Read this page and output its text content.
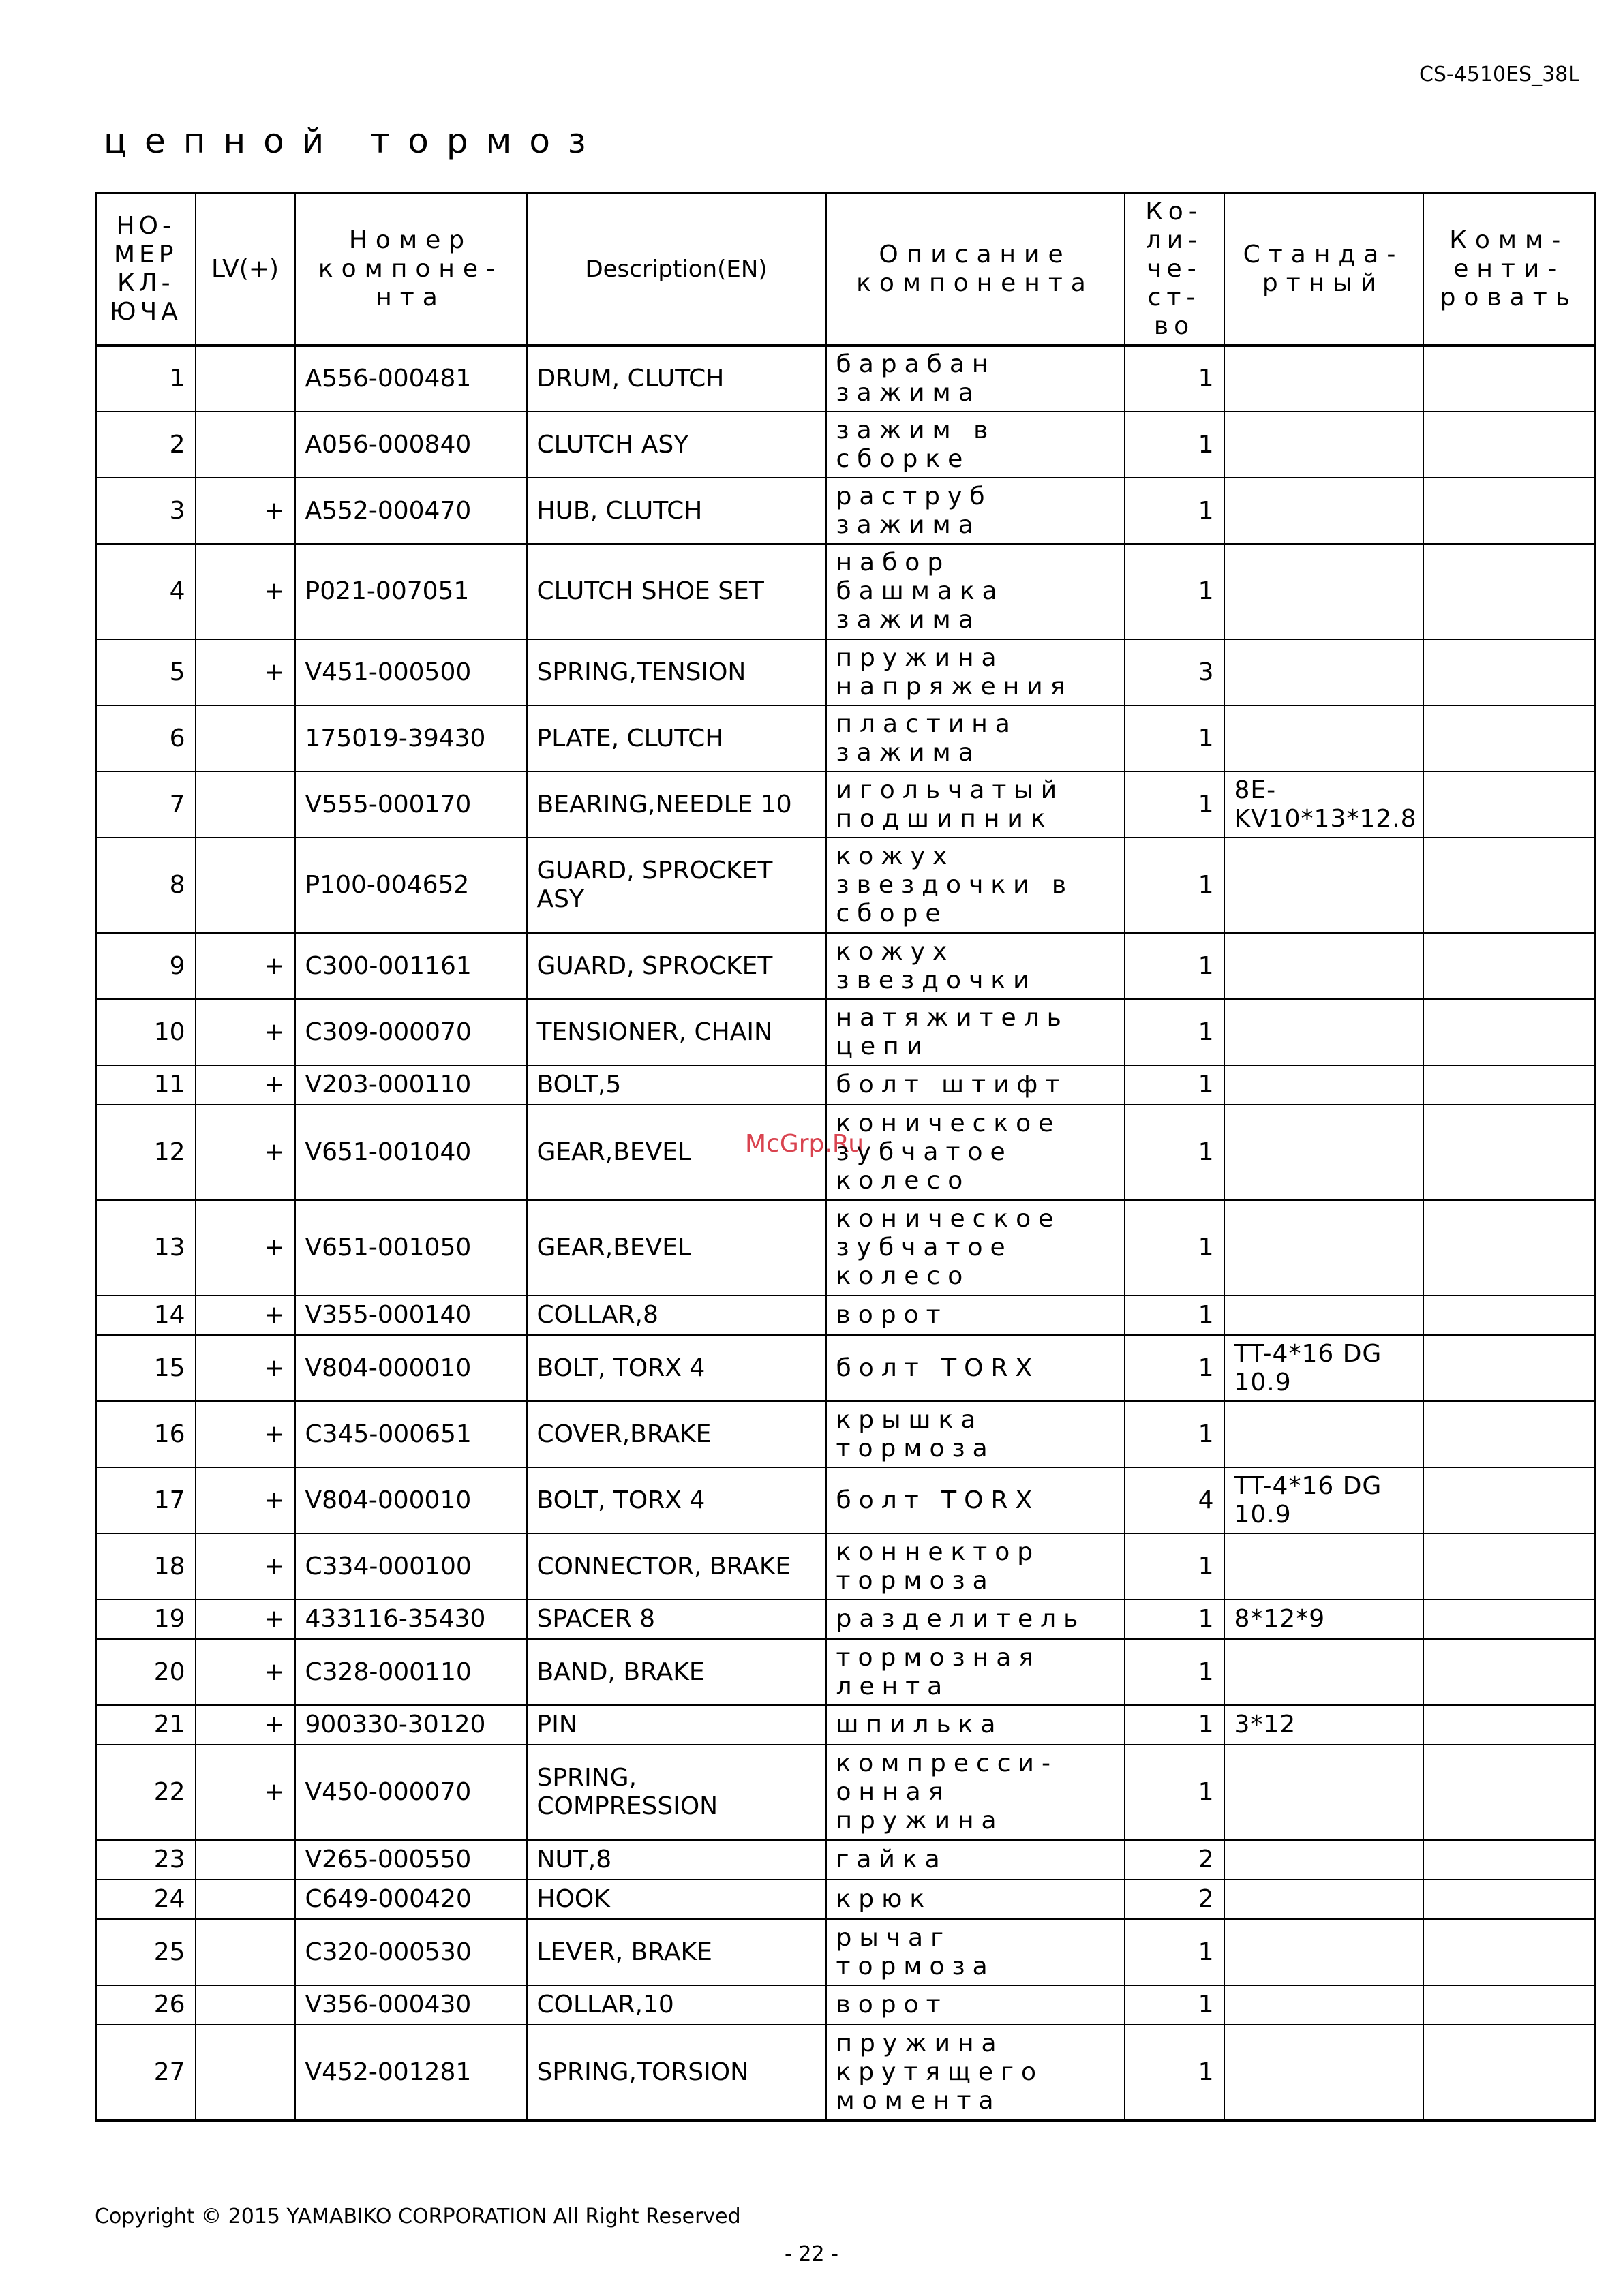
CS-4510ES_38L
цепной тормоз
McGrp.Ru
НО-МЕР КЛ-ЮЧА	LV(+)	Номер компоне-нта	Description(EN)	Описание компонента	Ко-ли-че-ст-во	Станда-ртный	Комм-енти-ровать
1		A556-000481	DRUM, CLUTCH	барабан зажима	1		
2		A056-000840	CLUTCH ASY	зажим в сборке	1		
3	+	A552-000470	HUB, CLUTCH	раструб зажима	1		
4	+	P021-007051	CLUTCH SHOE SET	набор башмака зажима	1		
5	+	V451-000500	SPRING,TENSION	пружина напряжения	3		
6		175019-39430	PLATE, CLUTCH	пластина зажима	1		
7		V555-000170	BEARING,NEEDLE 10	игольчатый подшипник	1	8E-KV10*13*12.8	
8		P100-004652	GUARD, SPROCKET ASY	кожух звездочки в сборе	1		
9	+	C300-001161	GUARD, SPROCKET	кожух звездочки	1		
10	+	C309-000070	TENSIONER, CHAIN	натяжитель цепи	1		
11	+	V203-000110	BOLT,5	болт штифт	1		
12	+	V651-001040	GEAR,BEVEL	коническое зубчатое колесо	1		
13	+	V651-001050	GEAR,BEVEL	коническое зубчатое колесо	1		
14	+	V355-000140	COLLAR,8	ворот	1		
15	+	V804-000010	BOLT, TORX 4	болт TORX	1	TT-4*16 DG 10.9	
16	+	C345-000651	COVER,BRAKE	крышка тормоза	1		
17	+	V804-000010	BOLT, TORX 4	болт TORX	4	TT-4*16 DG 10.9	
18	+	C334-000100	CONNECTOR, BRAKE	коннектор тормоза	1		
19	+	433116-35430	SPACER 8	разделитель	1	8*12*9	
20	+	C328-000110	BAND, BRAKE	тормозная лента	1		
21	+	900330-30120	PIN	шпилька	1	3*12	
22	+	V450-000070	SPRING, COMPRESSION	компресси-онная пружина	1		
23		V265-000550	NUT,8	гайка	2		
24		C649-000420	HOOK	крюк	2		
25		C320-000530	LEVER, BRAKE	рычаг тормоза	1		
26		V356-000430	COLLAR,10	ворот	1		
27		V452-001281	SPRING,TORSION	пружина крутящего момента	1		
Copyright © 2015 YAMABIKO CORPORATION All Right Reserved
- 22 -
